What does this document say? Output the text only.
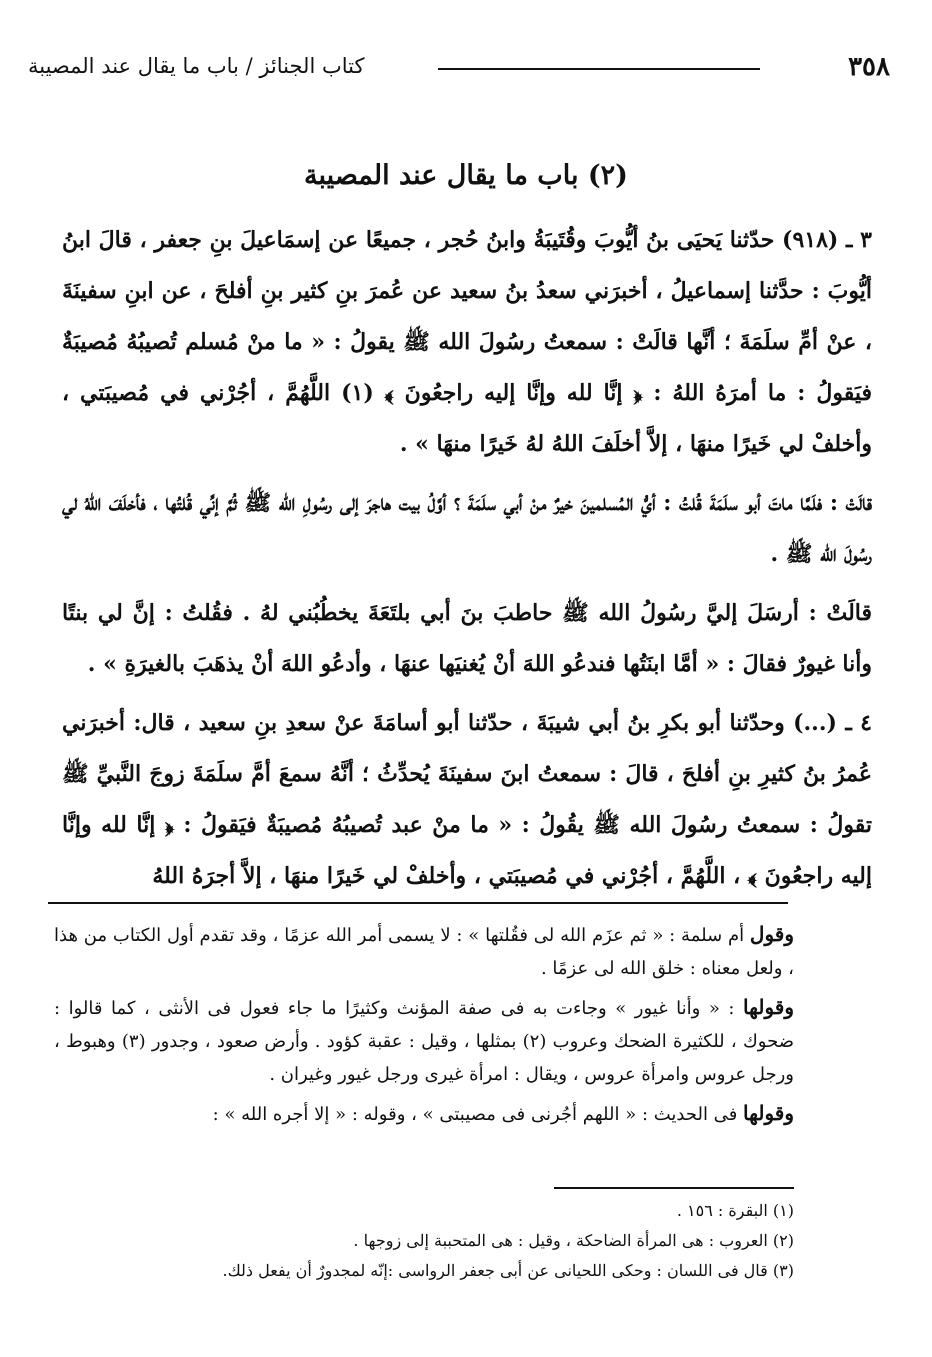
٣٥٨
كتاب الجنائز / باب ما يقال عند المصيبة
(٢) باب ما يقال عند المصيبة

٣ ـ (٩١٨) حدّثنا يَحيَى بنُ أيُّوبَ وقُتَيبَةُ وابنُ حُجر ، جميعًا عن إسمَاعيلَ بنِ جعفر ، قالَ ابنُ أيُّوبَ : حدَّثنا إسماعيلُ ، أخبرَني سعدُ بنُ سعيد عن عُمرَ بنِ كثير بنِ أفلحَ ، عن ابنِ سفينَةَ ، عنْ أمِّ سلَمَةَ ؛ أنَّها قالَتْ : سمعتُ رسُولَ الله ﷺ يقولُ : « ما منْ مُسلم تُصيبُهُ مُصيبَةٌ فيَقولُ : ما أمرَهُ اللهُ : ﴿ إنَّا لله وإنَّا إليه راجعُونَ ﴾ (١) اللَّهُمَّ ، أجُرْني في مُصيبَتي ، وأخلفْ لي خَيرًا منهَا ، إلاَّ أخلَفَ اللهُ لهُ خَيرًا منهَا » .

قالَتْ : فلَمَّا ماتَ أبو سلَمَةَ قُلتُ : أيُّ المُسلمينَ خيرٌ منْ أبي سلَمَةَ ؟ أوَّلُ بيت هاجرَ إلى رسُولِ الله ﷺ ثُمَّ إنِّي قُلتُها ، فأخلَفَ اللهُ لي رسُولَ الله ﷺ .

قالَتْ : أرسَلَ إليَّ رسُولُ الله ﷺ حاطبَ بنَ أبي بلتَعَةَ يخطُبُني لهُ . فقُلتُ : إنَّ لي بنتًا وأنا غيورٌ فقالَ : « أمَّا ابنَتُها فندعُو اللهَ أنْ يُغنيَها عنهَا ، وأدعُو اللهَ أنْ يذهَبَ بالغيرَةِ » .

٤ ـ (...) وحدّثنا أبو بكرِ بنُ أبي شيبَةَ ، حدّثنا أبو أسامَةَ عنْ سعدِ بنِ سعيد ، قال: أخبرَني عُمرُ بنُ كثيرِ بنِ أفلحَ ، قالَ : سمعتُ ابنَ سفينَةَ يُحدِّثُ ؛ أنَّهُ سمعَ أمَّ سلَمَةَ زوجَ النَّبيِّ ﷺ تقولُ : سمعتُ رسُولَ الله ﷺ يقُولُ : « ما منْ عبد تُصيبُهُ مُصيبَةٌ فيَقولُ : ﴿ إنَّا لله وإنَّا إليه راجعُونَ ﴾ ، اللَّهُمَّ ، أجُرْني في مُصيبَتي ، وأخلفْ لي خَيرًا منهَا ، إلاَّ أجرَهُ اللهُ

وقول أم سلمة : « ثم عزَم الله لى فقُلتها » : لا يسمى أمر الله عزمًا ، وقد تقدم أول الكتاب من هذا ، ولعل معناه : خلق الله لى عزمًا .

وقولها : « وأنا غيور » وجاءت به فى صفة المؤنث وكثيرًا ما جاء فعول فى الأنثى ، كما قالوا : ضحوك ، للكثيرة الضحك وعروب (٢) بمثلها ، وقيل : عقبة كؤود . وأرض صعود ، وجدور (٣) وهبوط ، ورجل عروس وامرأة عروس ، ويقال : امرأة غيرى ورجل غيور وغيران .

وقولها فى الحديث : « اللهم أجُرنى فى مصيبتى » ، وقوله : « إلا أجره الله » :

(١) البقرة : ١٥٦ .
(٢) العروب : هى المرأة الضاحكة ، وقيل : هى المتحببة إلى زوجها .
(٣) قال فى اللسان : وحكى اللحيانى عن أبى جعفر الرواسى :إنّه لمجدورٌ أن يفعل ذلك.
